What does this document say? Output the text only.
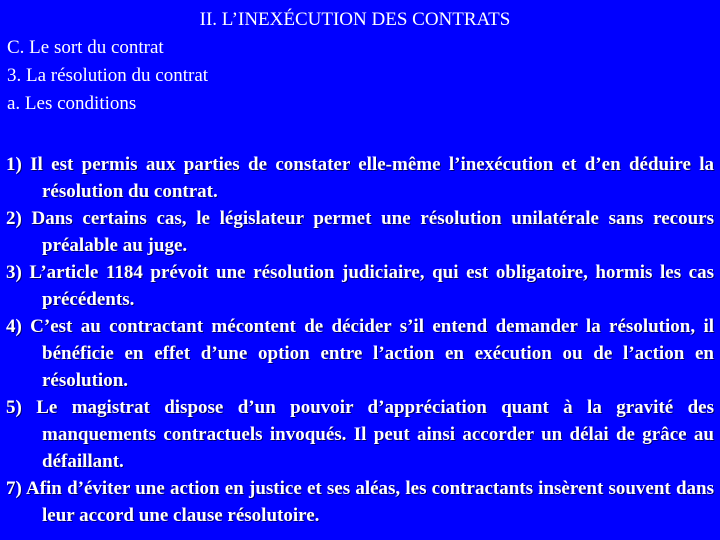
II. L’INEXÉCUTION DES CONTRATS
C. Le sort du contrat
3. La résolution du contrat
a. Les conditions
1) Il est permis aux parties de constater elle-même l’inexécution et d’en déduire la résolution du contrat.
2) Dans certains cas, le législateur permet une résolution unilatérale sans recours préalable au juge.
3) L’article 1184 prévoit une résolution judiciaire, qui est obligatoire, hormis les cas précédents.
4) C’est au contractant mécontent de décider s’il entend demander la résolution, il bénéficie en effet d’une option entre l’action en exécution ou de l’action en résolution.
5) Le magistrat dispose d’un pouvoir d’appréciation quant à la gravité des manquements contractuels invoqués. Il peut ainsi accorder un délai de grâce au défaillant.
7) Afin d’éviter une action en justice et ses aléas, les contractants insèrent souvent dans leur accord une clause résolutoire.
